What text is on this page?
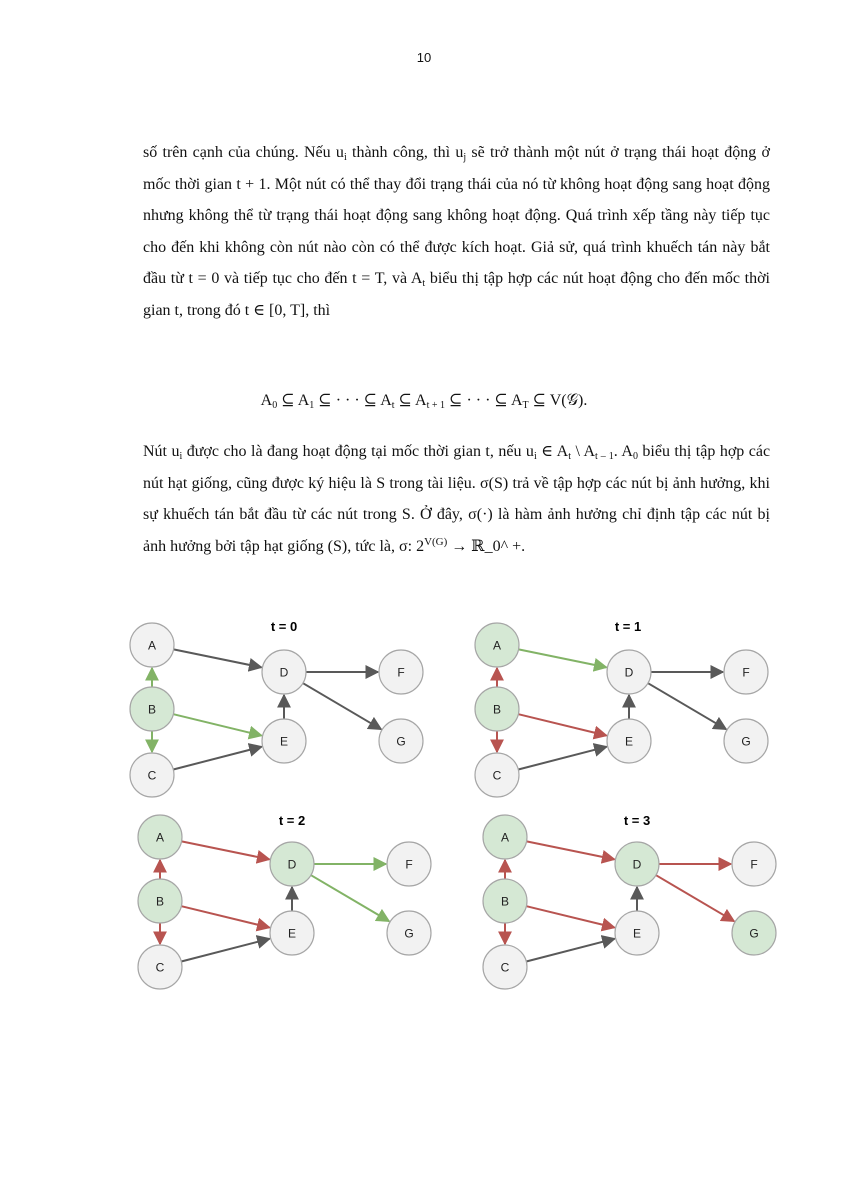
10

số trên cạnh của chúng. Nếu $u_i$ thành công, thì $u_j$ sẽ trở thành một nút ở trạng thái hoạt động ở mốc thời gian t + 1. Một nút có thể thay đổi trạng thái của nó từ không hoạt động sang hoạt động nhưng không thể từ trạng thái hoạt động sang không hoạt động. Quá trình xếp tầng này tiếp tục cho đến khi không còn nút nào còn có thể được kích hoạt. Giả sử, quá trình khuếch tán này bắt đầu từ t = 0 và tiếp tục cho đến t = T, và $A_t$ biểu thị tập hợp các nút hoạt động cho đến mốc thời gian t, trong đó t ∈ [0, T], thì

$A_0$ ⊆ $A_1$ ⊆ · · · ⊆ $A_t$ ⊆ $A_{t + 1}$ ⊆ · · · ⊆ $A_T$ ⊆ V(𝒢).

Nút $u_i$ được cho là đang hoạt động tại mốc thời gian t, nếu $u_i$ ∈ $A_t$ \ $A_{t - 1}$. $A_0$ biểu thị tập hợp các nút hạt giống, cũng được ký hiệu là S trong tài liệu. σ(S) trả về tập hợp các nút bị ảnh hưởng, khi sự khuếch tán bắt đầu từ các nút trong S. Ở đây, σ(·) là hàm ảnh hưởng chỉ định tập các nút bị ảnh hưởng bởi tập hạt giống (S), tức là, σ: $2^{V(G)}$ → ℝ_0^ +.

t = 0
A
B
C
D
E
F
G
t = 1
A
B
C
D
E
F
G
t = 2
A
B
C
D
E
F
G
t = 3
A
B
C
D
E
F
G
